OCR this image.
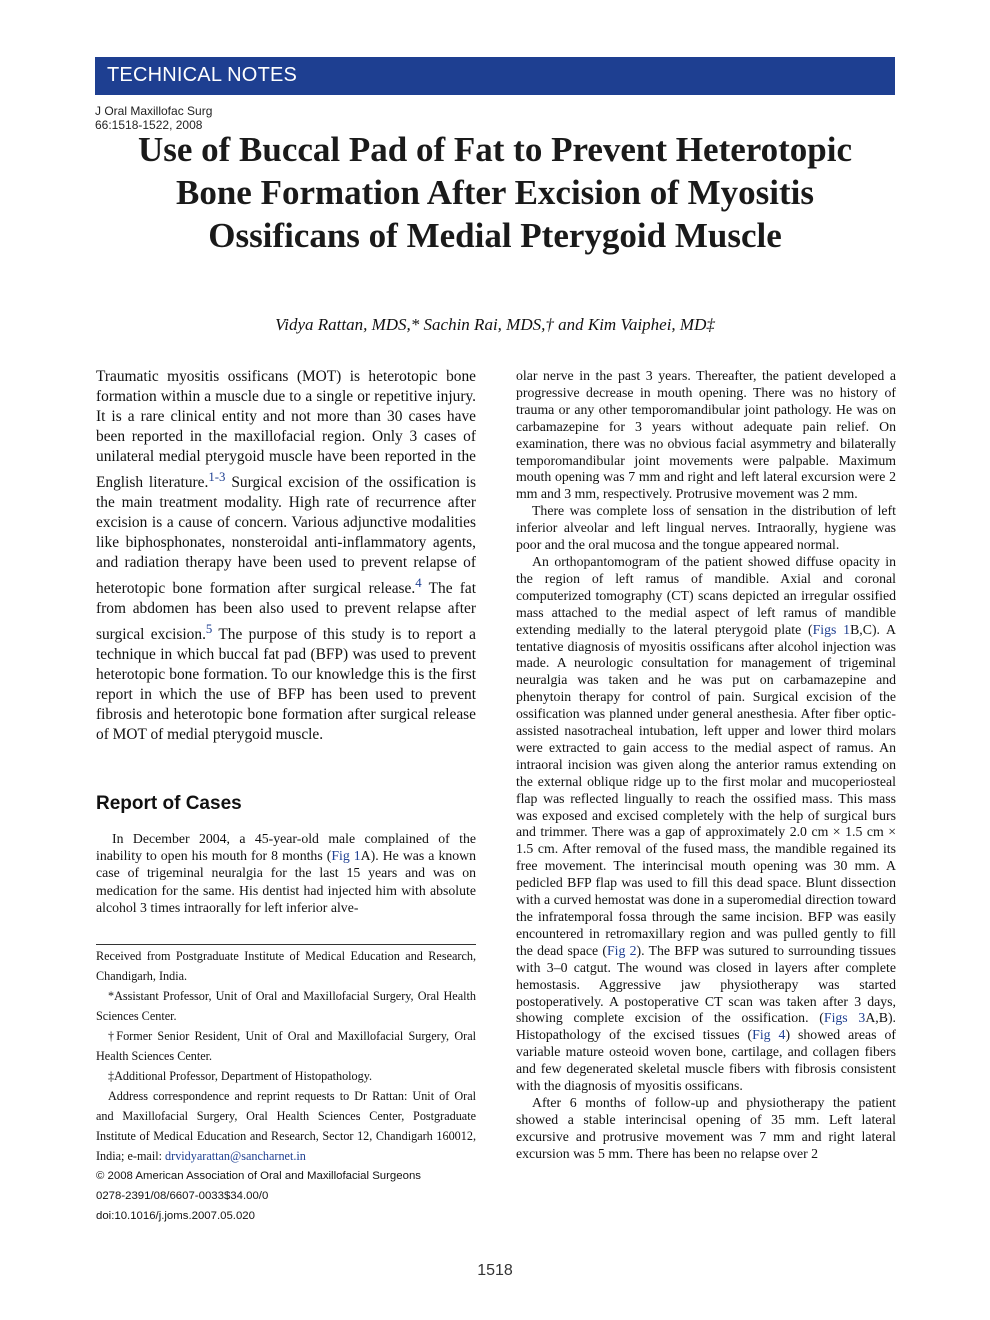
TECHNICAL NOTES
J Oral Maxillofac Surg
66:1518-1522, 2008
Use of Buccal Pad of Fat to Prevent Heterotopic Bone Formation After Excision of Myositis Ossificans of Medial Pterygoid Muscle
Vidya Rattan, MDS,* Sachin Rai, MDS,† and Kim Vaiphei, MD‡

Traumatic myositis ossificans (MOT) is heterotopic bone formation within a muscle due to a single or repetitive injury. It is a rare clinical entity and not more than 30 cases have been reported in the maxillofacial region. Only 3 cases of unilateral medial pterygoid muscle have been reported in the English literature.$^{1-3}$ Surgical excision of the ossification is the main treatment modality. High rate of recurrence after excision is a cause of concern. Various adjunctive modalities like biphosphonates, nonsteroidal anti-inflammatory agents, and radiation therapy have been used to prevent relapse of heterotopic bone formation after surgical release.$^4$ The fat from abdomen has been also used to prevent relapse after surgical excision.$^5$ The purpose of this study is to report a technique in which buccal fat pad (BFP) was used to prevent heterotopic bone formation. To our knowledge this is the first report in which the use of BFP has been used to prevent fibrosis and heterotopic bone formation after surgical release of MOT of medial pterygoid muscle.

Report of Cases

In December 2004, a 45-year-old male complained of the inability to open his mouth for 8 months (Fig 1A). He was a known case of trigeminal neuralgia for the last 15 years and was on medication for the same. His dentist had injected him with absolute alcohol 3 times intraorally for left inferior alve-

Received from Postgraduate Institute of Medical Education and Research, Chandigarh, India.

*Assistant Professor, Unit of Oral and Maxillofacial Surgery, Oral Health Sciences Center.

†Former Senior Resident, Unit of Oral and Maxillofacial Surgery, Oral Health Sciences Center.

‡Additional Professor, Department of Histopathology.

Address correspondence and reprint requests to Dr Rattan: Unit of Oral and Maxillofacial Surgery, Oral Health Sciences Center, Postgraduate Institute of Medical Education and Research, Sector 12, Chandigarh 160012, India; e-mail: drvidyarattan@sancharnet.in

© 2008 American Association of Oral and Maxillofacial Surgeons

0278-2391/08/6607-0033$34.00/0

doi:10.1016/j.joms.2007.05.020

olar nerve in the past 3 years. Thereafter, the patient developed a progressive decrease in mouth opening. There was no history of trauma or any other temporomandibular joint pathology. He was on carbamazepine for 3 years without adequate pain relief. On examination, there was no obvious facial asymmetry and bilaterally temporomandibular joint movements were palpable. Maximum mouth opening was 7 mm and right and left lateral excursion were 2 mm and 3 mm, respectively. Protrusive movement was 2 mm.

There was complete loss of sensation in the distribution of left inferior alveolar and left lingual nerves. Intraorally, hygiene was poor and the oral mucosa and the tongue appeared normal.

An orthopantomogram of the patient showed diffuse opacity in the region of left ramus of mandible. Axial and coronal computerized tomography (CT) scans depicted an irregular ossified mass attached to the medial aspect of left ramus of mandible extending medially to the lateral pterygoid plate (Figs 1B,C). A tentative diagnosis of myositis ossificans after alcohol injection was made. A neurologic consultation for management of trigeminal neuralgia was taken and he was put on carbamazepine and phenytoin therapy for control of pain. Surgical excision of the ossification was planned under general anesthesia. After fiber optic-assisted nasotracheal intubation, left upper and lower third molars were extracted to gain access to the medial aspect of ramus. An intraoral incision was given along the anterior ramus extending on the external oblique ridge up to the first molar and mucoperiosteal flap was reflected lingually to reach the ossified mass. This mass was exposed and excised completely with the help of surgical burs and trimmer. There was a gap of approximately 2.0 cm × 1.5 cm × 1.5 cm. After removal of the fused mass, the mandible regained its free movement. The interincisal mouth opening was 30 mm. A pedicled BFP flap was used to fill this dead space. Blunt dissection with a curved hemostat was done in a superomedial direction toward the infratemporal fossa through the same incision. BFP was easily encountered in retromaxillary region and was pulled gently to fill the dead space (Fig 2). The BFP was sutured to surrounding tissues with 3–0 catgut. The wound was closed in layers after complete hemostasis. Aggressive jaw physiotherapy was started postoperatively. A postoperative CT scan was taken after 3 days, showing complete excision of the ossification. (Figs 3A,B). Histopathology of the excised tissues (Fig 4) showed areas of variable mature osteoid woven bone, cartilage, and collagen fibers and few degenerated skeletal muscle fibers with fibrosis consistent with the diagnosis of myositis ossificans.

After 6 months of follow-up and physiotherapy the patient showed a stable interincisal opening of 35 mm. Left lateral excursive and protrusive movement was 7 mm and right lateral excursion was 5 mm. There has been no relapse over 2

1518
